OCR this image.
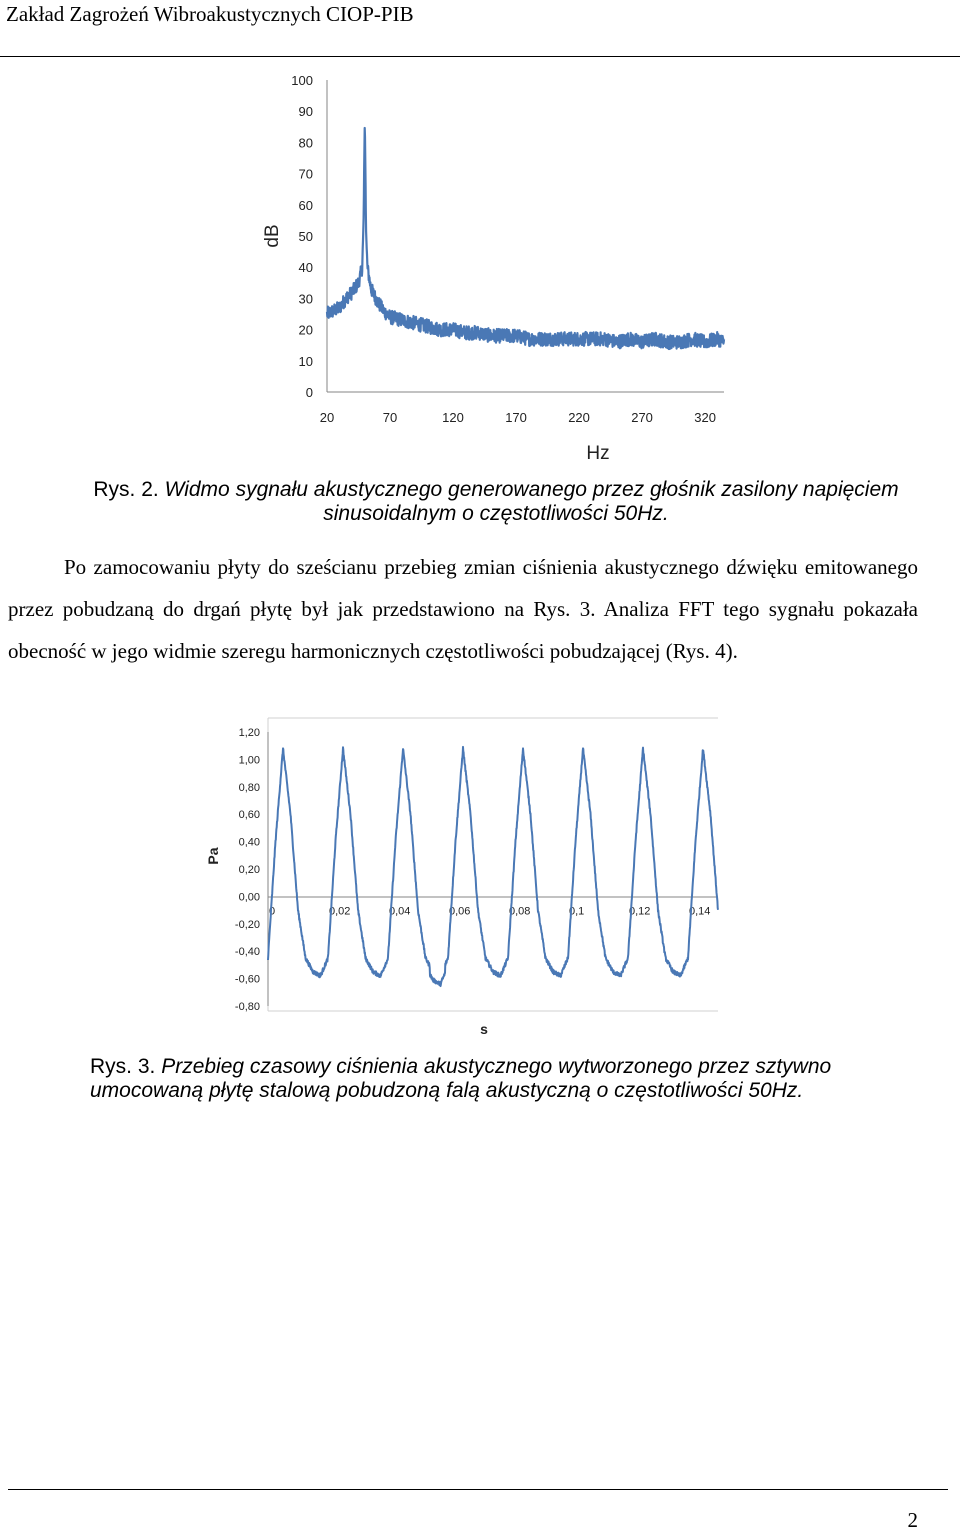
Zakład Zagrożeń Wibroakustycznych CIOP-PIB
0
10
20
30
40
50
60
70
80
90
100
20	70	120	170	220	270	320
dB
Hz
Rys. 2. Widmo sygnału akustycznego generowanego przez głośnik zasilony napięciem sinusoidalnym o częstotliwości 50Hz.

Po zamocowaniu płyty do sześcianu przebieg zmian ciśnienia akustycznego dźwięku emitowanego przez pobudzaną do drgań płytę był jak przedstawiono na Rys. 3. Analiza FFT tego sygnału pokazała obecność w jego widmie szeregu harmonicznych częstotliwości pobudzającej (Rys. 4).

-0,80
-0,60
-0,40
-0,20
0,00
0,20
0,40
0,60
0,80
1,00
1,20
0	0,02	0,04	0,06	0,08	0,1	0,12	0,14
Pa
s
Rys. 3. Przebieg czasowy ciśnienia akustycznego wytworzonego przez sztywno umocowaną płytę stalową pobudzoną falą akustyczną o częstotliwości 50Hz.
2
